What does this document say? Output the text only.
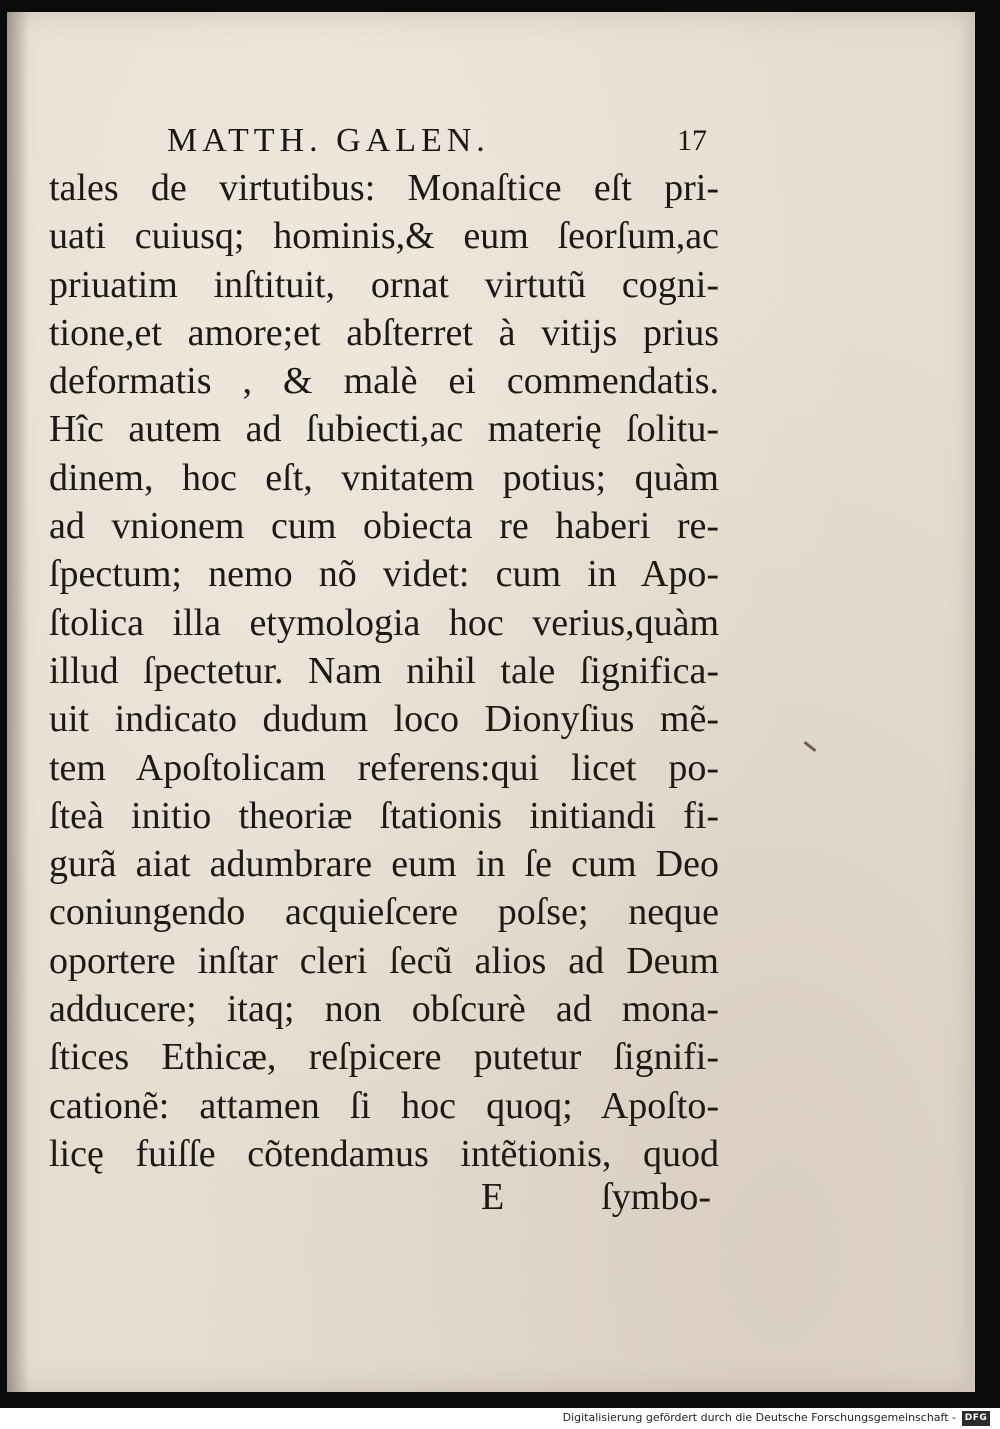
MATTH. GALEN.	17
tales de virtutibus: Monaſtice eſt pri-
uati cuiusq; hominis,& eum ſeorſum,ac
priuatim inſtituit, ornat virtutũ cogni-
tione,et amore;et abſterret à vitijs prius
deformatis , & malè ei commendatis.
Hîc autem ad ſubiecti,ac materię ſolitu-
dinem, hoc eſt, vnitatem potius; quàm
ad vnionem cum obiecta re haberi re-
ſpectum; nemo nõ videt: cum in Apo-
ſtolica illa etymologia hoc verius,quàm
illud ſpectetur. Nam nihil tale ſignifica-
uit indicato dudum loco Dionyſius mẽ-
tem Apoſtolicam referens:qui licet po-
ſteà initio theoriæ ſtationis initiandi fi-
gurã aiat adumbrare eum in ſe cum Deo
coniungendo acquieſcere poſse; neque
oportere inſtar cleri ſecũ alios ad Deum
adducere; itaq; non obſcurè ad mona-
ſtices Ethicæ, reſpicere putetur ſignifi-
cationẽ: attamen ſi hoc quoq; Apoſto-
licę fuiſſe cõtendamus intẽtionis, quod
E	ſymbo-
Digitalisierung gefördert durch die Deutsche Forschungsgemeinschaft - DFG
